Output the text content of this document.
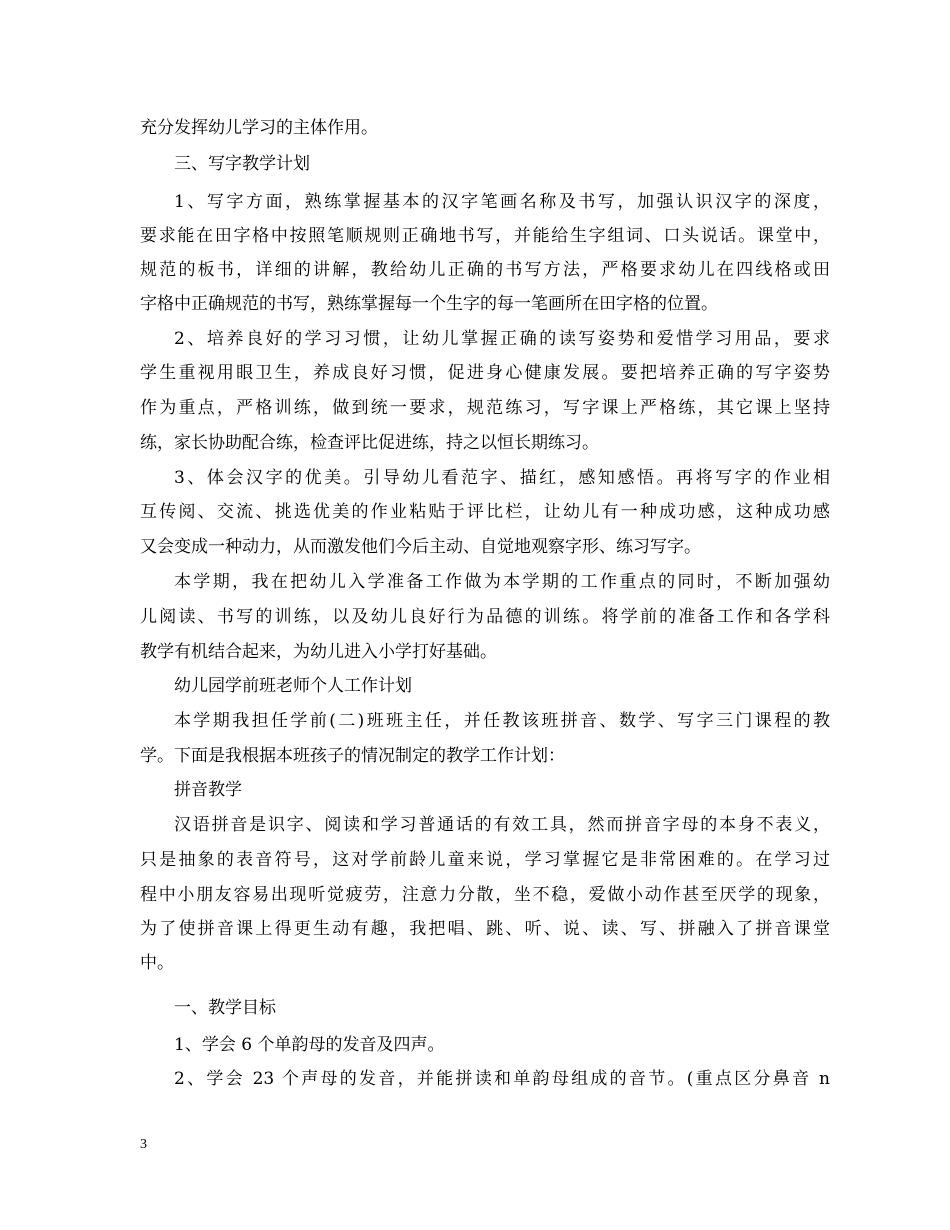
充分发挥幼儿学习的主体作用。

三、写字教学计划

1、写字方面，熟练掌握基本的汉字笔画名称及书写，加强认识汉字的深度，

要求能在田字格中按照笔顺规则正确地书写，并能给生字组词、口头说话。课堂中，

规范的板书，详细的讲解，教给幼儿正确的书写方法，严格要求幼儿在四线格或田

字格中正确规范的书写，熟练掌握每一个生字的每一笔画所在田字格的位置。

2、培养良好的学习习惯，让幼儿掌握正确的读写姿势和爱惜学习用品，要求

学生重视用眼卫生，养成良好习惯，促进身心健康发展。要把培养正确的写字姿势

作为重点，严格训练，做到统一要求，规范练习，写字课上严格练，其它课上坚持

练，家长协助配合练，检查评比促进练，持之以恒长期练习。

3、体会汉字的优美。引导幼儿看范字、描红，感知感悟。再将写字的作业相

互传阅、交流、挑选优美的作业粘贴于评比栏，让幼儿有一种成功感，这种成功感

又会变成一种动力，从而激发他们今后主动、自觉地观察字形、练习写字。

本学期，我在把幼儿入学准备工作做为本学期的工作重点的同时，不断加强幼

儿阅读、书写的训练，以及幼儿良好行为品德的训练。将学前的准备工作和各学科

教学有机结合起来，为幼儿进入小学打好基础。

幼儿园学前班老师个人工作计划

本学期我担任学前(二)班班主任，并任教该班拼音、数学、写字三门课程的教

学。下面是我根据本班孩子的情况制定的教学工作计划：

拼音教学

汉语拼音是识字、阅读和学习普通话的有效工具，然而拼音字母的本身不表义，

只是抽象的表音符号，这对学前龄儿童来说，学习掌握它是非常困难的。在学习过

程中小朋友容易出现听觉疲劳，注意力分散，坐不稳，爱做小动作甚至厌学的现象，

为了使拼音课上得更生动有趣，我把唱、跳、听、说、读、写、拼融入了拼音课堂

中。

一、教学目标

1、学会 6 个单韵母的发音及四声。

2、学会 23 个声母的发音，并能拼读和单韵母组成的音节。(重点区分鼻音 n

3
